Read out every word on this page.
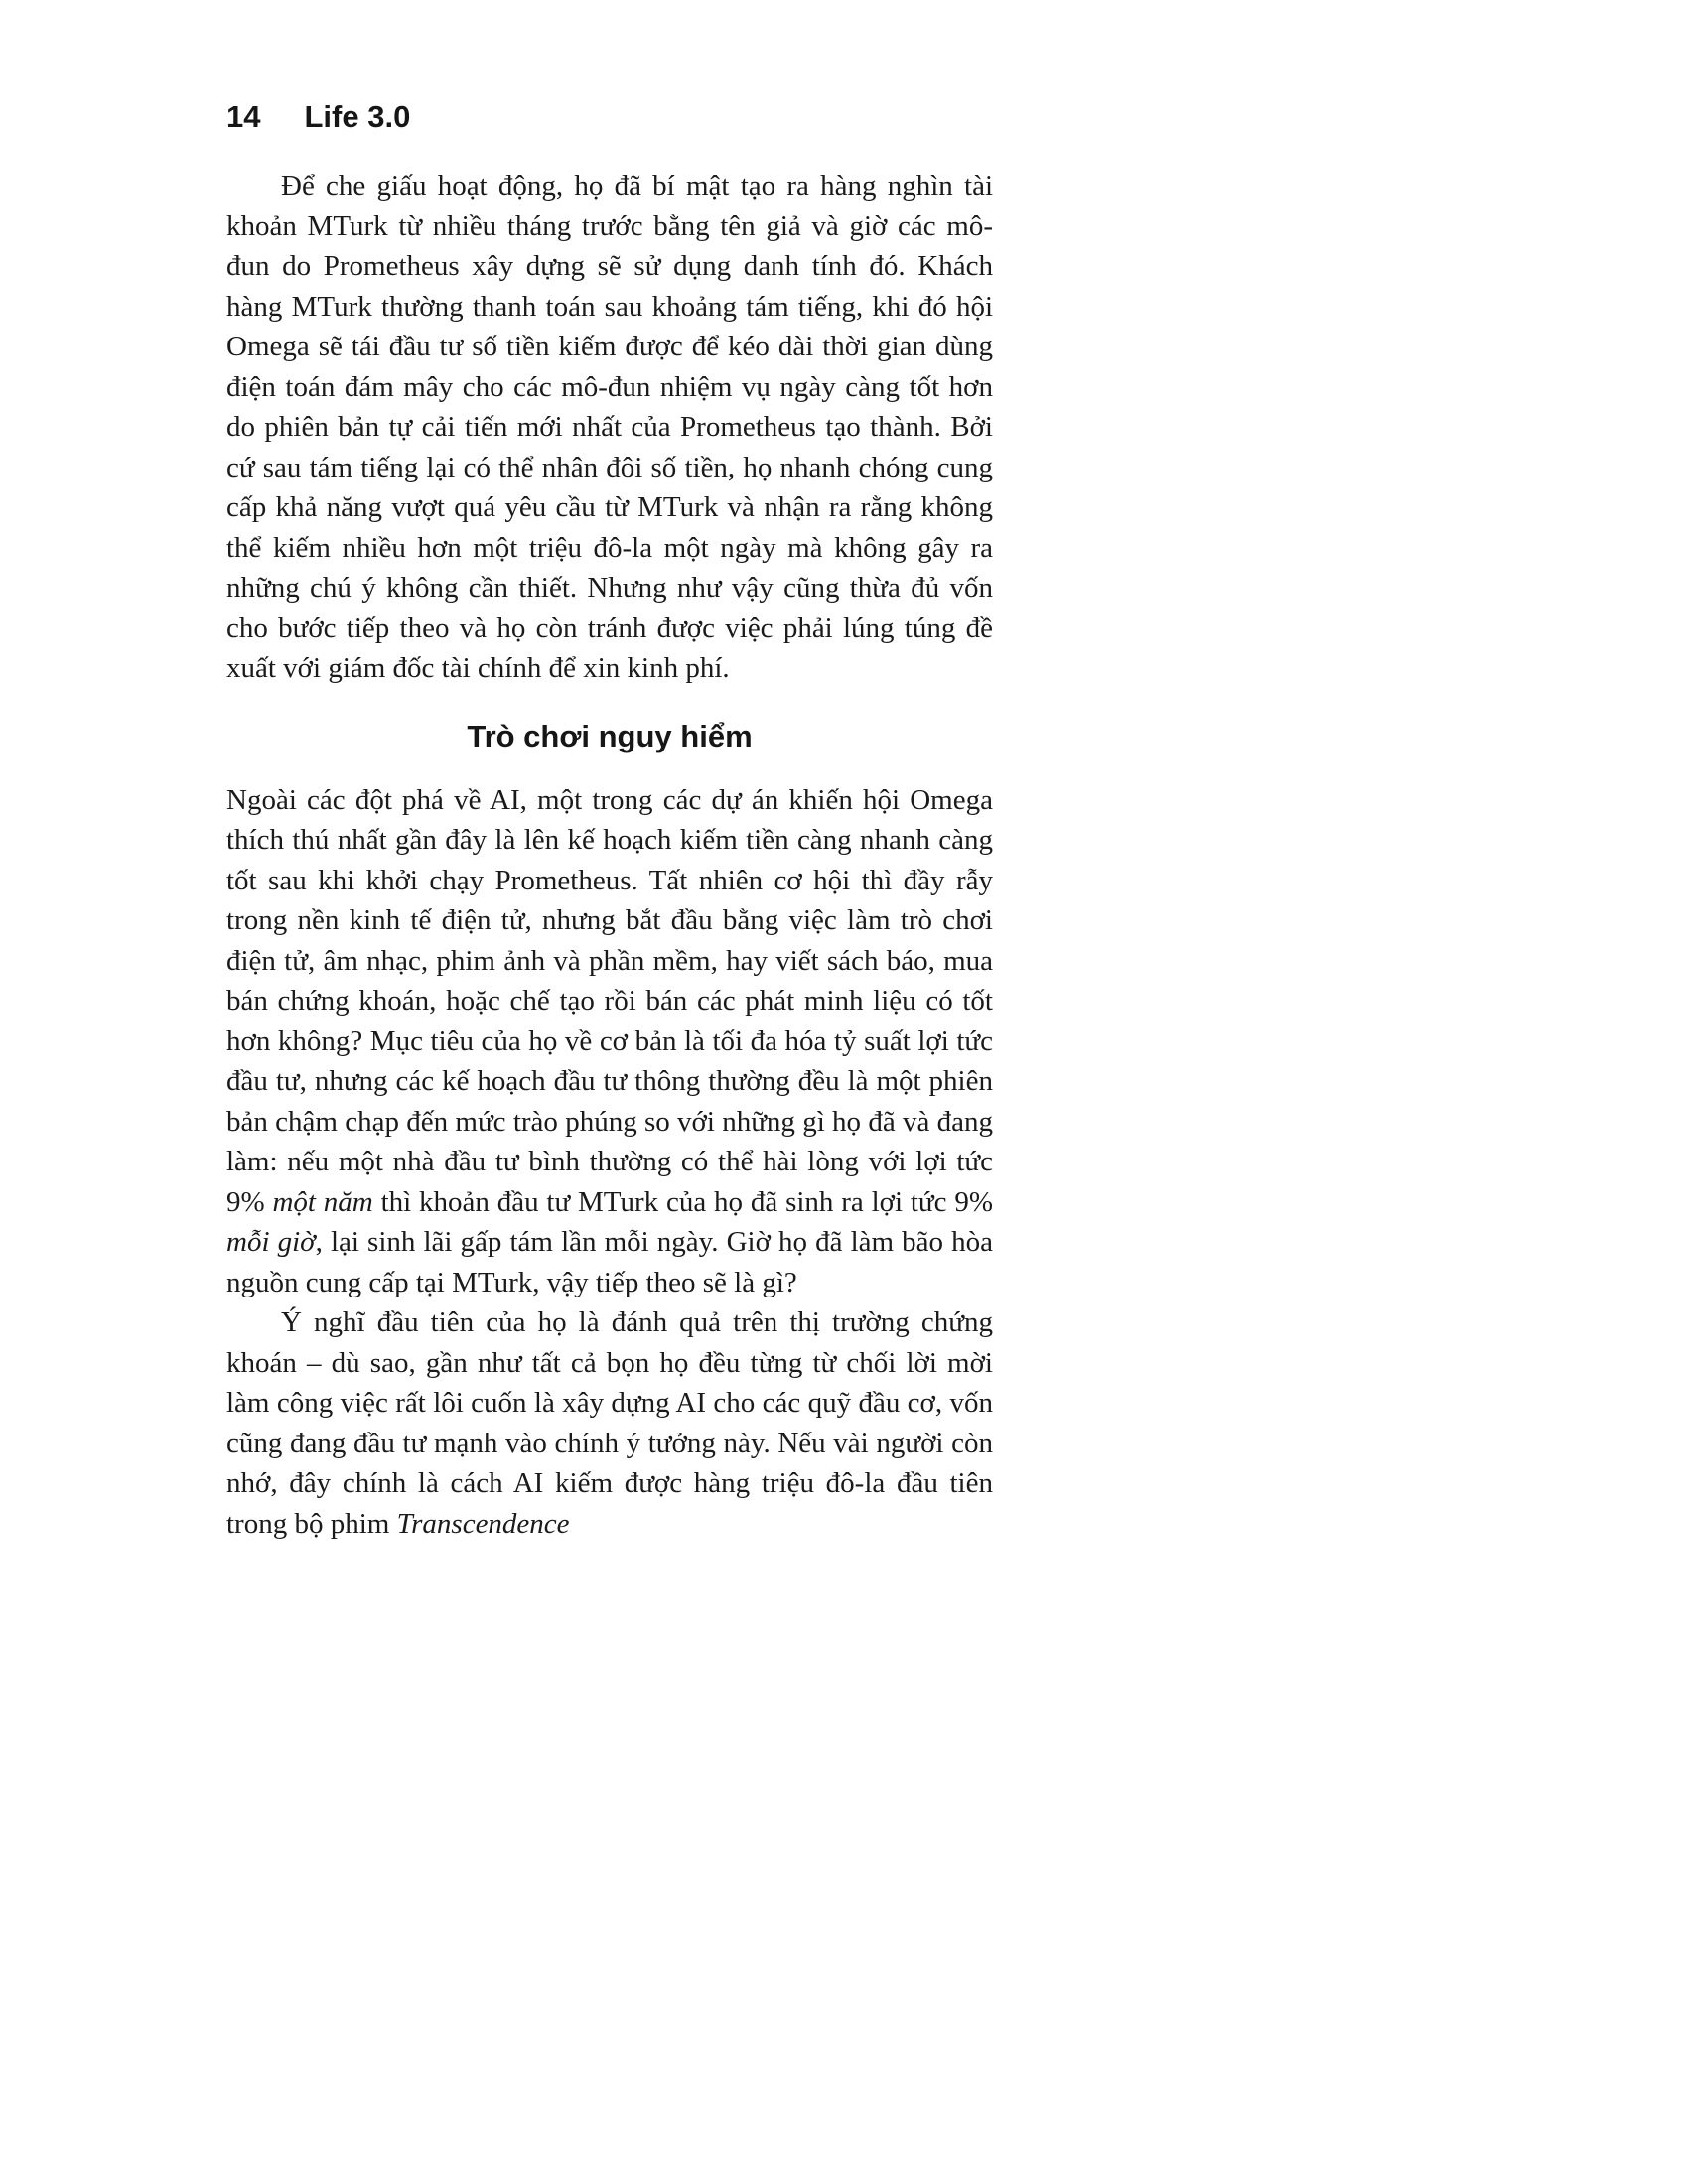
14 Life 3.0

Để che giấu hoạt động, họ đã bí mật tạo ra hàng nghìn tài khoản MTurk từ nhiều tháng trước bằng tên giả và giờ các mô-đun do Prometheus xây dựng sẽ sử dụng danh tính đó. Khách hàng MTurk thường thanh toán sau khoảng tám tiếng, khi đó hội Omega sẽ tái đầu tư số tiền kiếm được để kéo dài thời gian dùng điện toán đám mây cho các mô-đun nhiệm vụ ngày càng tốt hơn do phiên bản tự cải tiến mới nhất của Prometheus tạo thành. Bởi cứ sau tám tiếng lại có thể nhân đôi số tiền, họ nhanh chóng cung cấp khả năng vượt quá yêu cầu từ MTurk và nhận ra rằng không thể kiếm nhiều hơn một triệu đô-la một ngày mà không gây ra những chú ý không cần thiết. Nhưng như vậy cũng thừa đủ vốn cho bước tiếp theo và họ còn tránh được việc phải lúng túng đề xuất với giám đốc tài chính để xin kinh phí.

Trò chơi nguy hiểm

Ngoài các đột phá về AI, một trong các dự án khiến hội Omega thích thú nhất gần đây là lên kế hoạch kiếm tiền càng nhanh càng tốt sau khi khởi chạy Prometheus. Tất nhiên cơ hội thì đầy rẫy trong nền kinh tế điện tử, nhưng bắt đầu bằng việc làm trò chơi điện tử, âm nhạc, phim ảnh và phần mềm, hay viết sách báo, mua bán chứng khoán, hoặc chế tạo rồi bán các phát minh liệu có tốt hơn không? Mục tiêu của họ về cơ bản là tối đa hóa tỷ suất lợi tức đầu tư, nhưng các kế hoạch đầu tư thông thường đều là một phiên bản chậm chạp đến mức trào phúng so với những gì họ đã và đang làm: nếu một nhà đầu tư bình thường có thể hài lòng với lợi tức 9% một năm thì khoản đầu tư MTurk của họ đã sinh ra lợi tức 9% mỗi giờ, lại sinh lãi gấp tám lần mỗi ngày. Giờ họ đã làm bão hòa nguồn cung cấp tại MTurk, vậy tiếp theo sẽ là gì?

Ý nghĩ đầu tiên của họ là đánh quả trên thị trường chứng khoán – dù sao, gần như tất cả bọn họ đều từng từ chối lời mời làm công việc rất lôi cuốn là xây dựng AI cho các quỹ đầu cơ, vốn cũng đang đầu tư mạnh vào chính ý tưởng này. Nếu vài người còn nhớ, đây chính là cách AI kiếm được hàng triệu đô-la đầu tiên trong bộ phim Transcendence
